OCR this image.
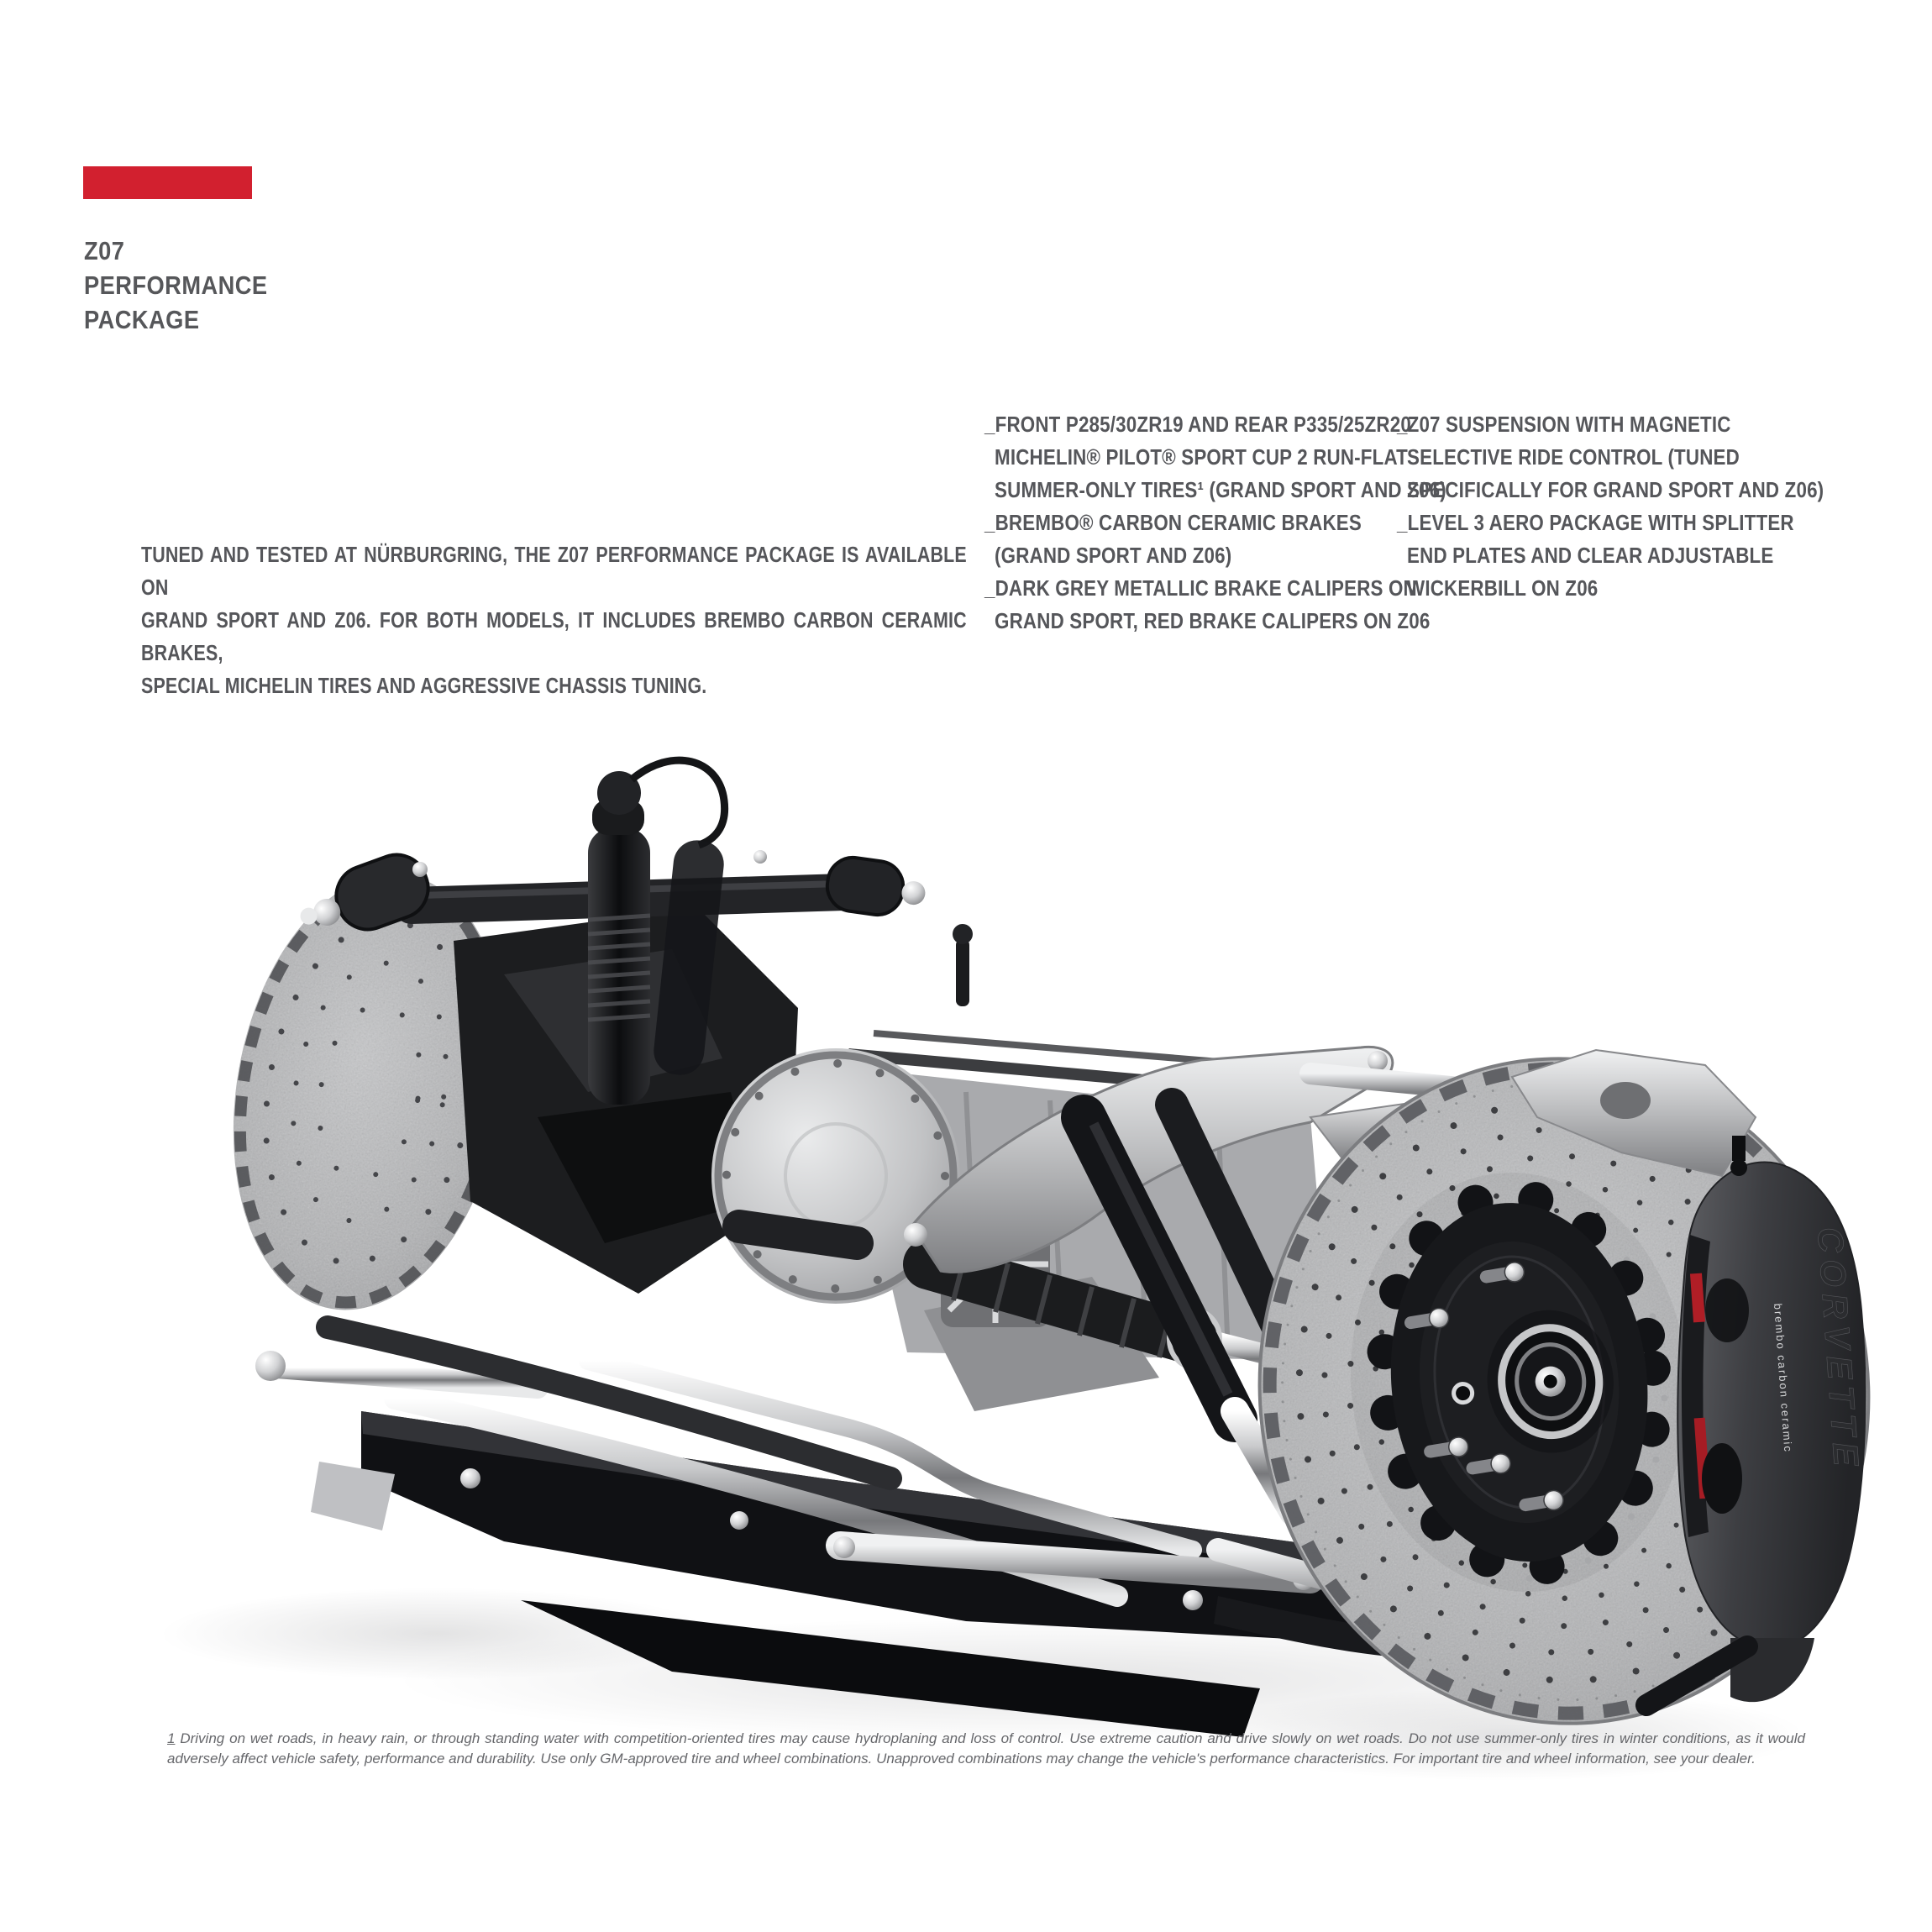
Z07
PERFORMANCE
PACKAGE
TUNED AND TESTED AT NÜRBURGRING, THE Z07 PERFORMANCE PACKAGE IS AVAILABLE ON
GRAND SPORT AND Z06. FOR BOTH MODELS, IT INCLUDES BREMBO CARBON CERAMIC BRAKES,
SPECIAL MICHELIN TIRES AND AGGRESSIVE CHASSIS TUNING.
_FRONT P285/30ZR19 AND REAR P335/25ZR20
MICHELIN® PILOT® SPORT CUP 2 RUN-FLAT
SUMMER-ONLY TIRES¹ (GRAND SPORT AND Z06)
_BREMBO® CARBON CERAMIC BRAKES
(GRAND SPORT AND Z06)
_DARK GREY METALLIC BRAKE CALIPERS ON
GRAND SPORT, RED BRAKE CALIPERS ON Z06
_Z07 SUSPENSION WITH MAGNETIC
SELECTIVE RIDE CONTROL (TUNED
SPECIFICALLY FOR GRAND SPORT AND Z06)
_LEVEL 3 AERO PACKAGE WITH SPLITTER
END PLATES AND CLEAR ADJUSTABLE
WICKERBILL ON Z06
CORVETTE
brembo carbon ceramic
1 Driving on wet roads, in heavy rain, or through standing water with competition-oriented tires may cause hydroplaning and loss of control. Use extreme caution and drive slowly on wet roads. Do not use summer-only tires in winter conditions, as it would
adversely affect vehicle safety, performance and durability. Use only GM-approved tire and wheel combinations. Unapproved combinations may change the vehicle's performance characteristics. For important tire and wheel information, see your dealer.
